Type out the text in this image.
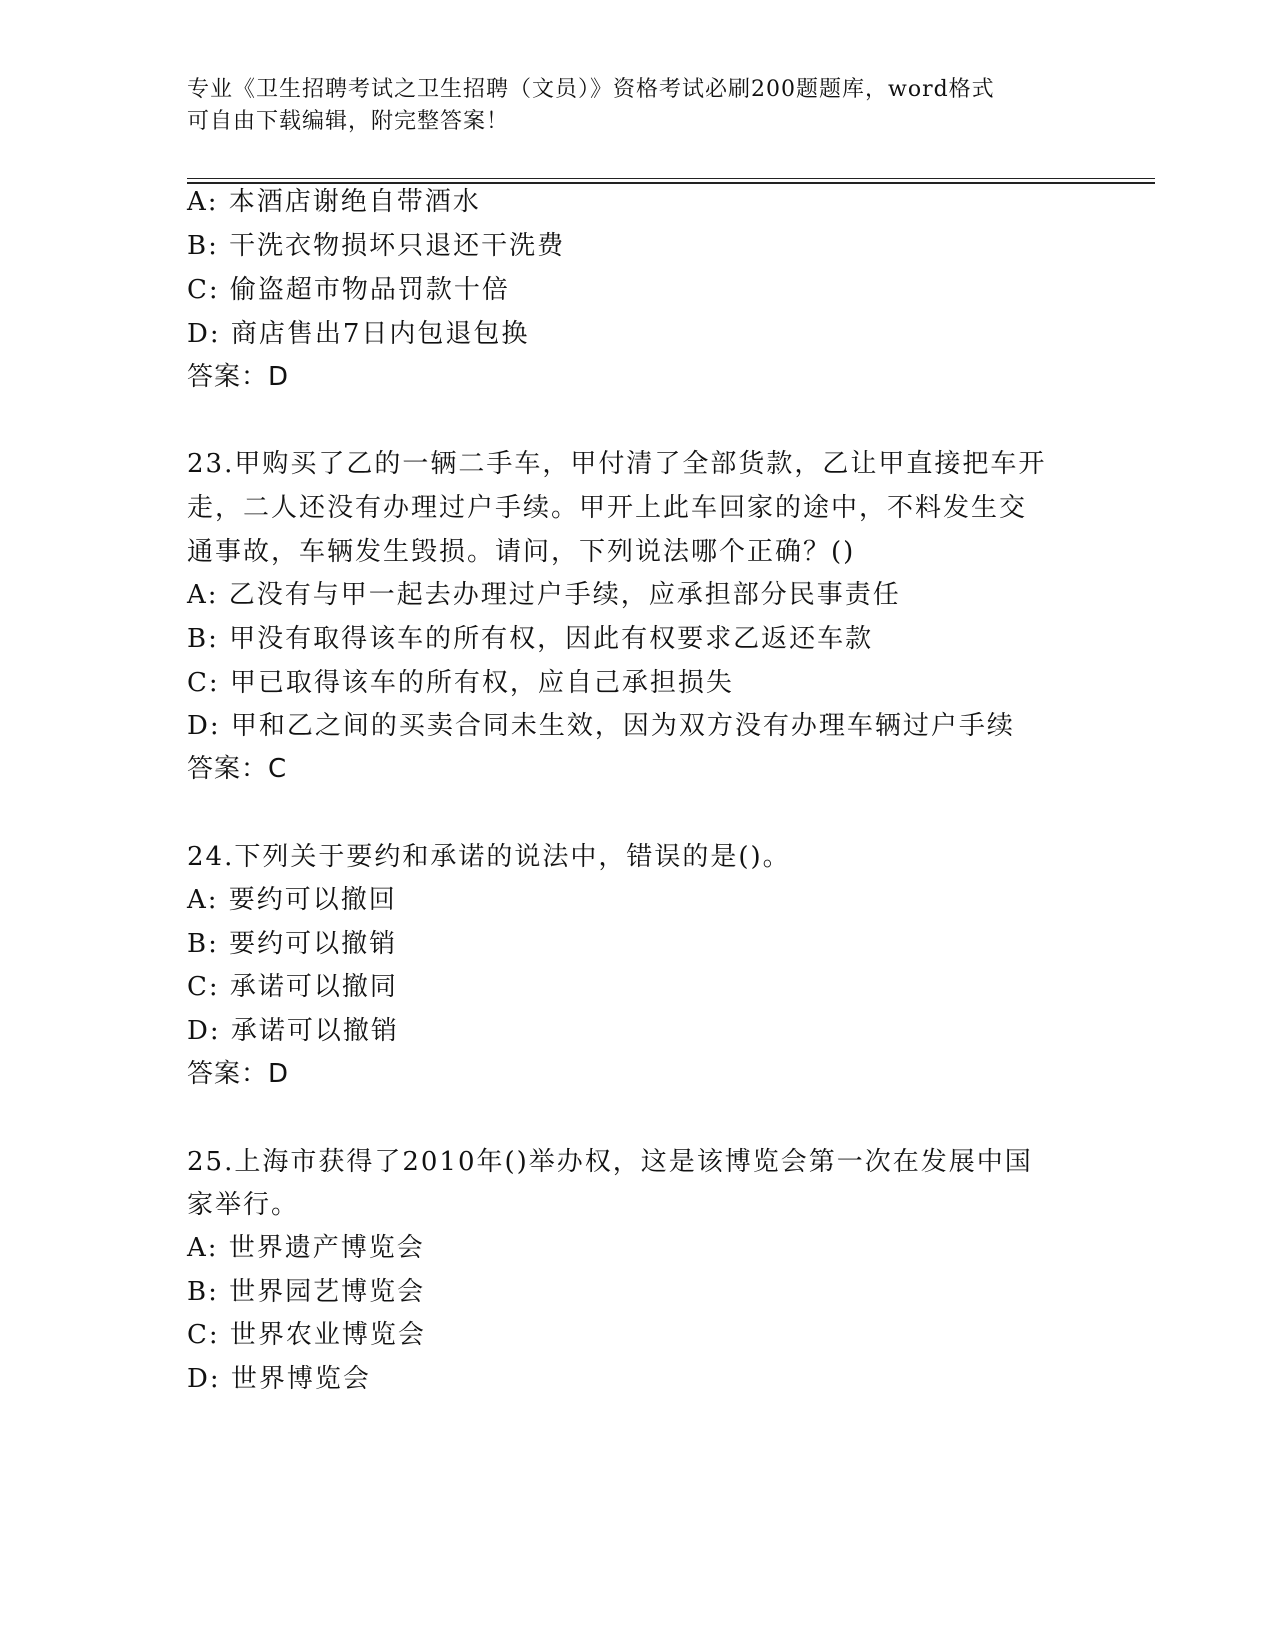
专业《卫生招聘考试之卫生招聘（文员）》资格考试必刷200题题库，word格式
可自由下载编辑，附完整答案！
A: 本酒店谢绝自带酒水
B: 干洗衣物损坏只退还干洗费
C: 偷盗超市物品罚款十倍
D: 商店售出7日内包退包换
答案：D
23.甲购买了乙的一辆二手车，甲付清了全部货款，乙让甲直接把车开
走，二人还没有办理过户手续。甲开上此车回家的途中，不料发生交
通事故，车辆发生毁损。请问，下列说法哪个正确？()
A: 乙没有与甲一起去办理过户手续，应承担部分民事责任
B: 甲没有取得该车的所有权，因此有权要求乙返还车款
C: 甲已取得该车的所有权，应自己承担损失
D: 甲和乙之间的买卖合同未生效，因为双方没有办理车辆过户手续
答案：C
24.下列关于要约和承诺的说法中，错误的是()。
A: 要约可以撤回
B: 要约可以撤销
C: 承诺可以撤同
D: 承诺可以撤销
答案：D
25.上海市获得了2010年()举办权，这是该博览会第一次在发展中国
家举行。
A: 世界遗产博览会
B: 世界园艺博览会
C: 世界农业博览会
D: 世界博览会
